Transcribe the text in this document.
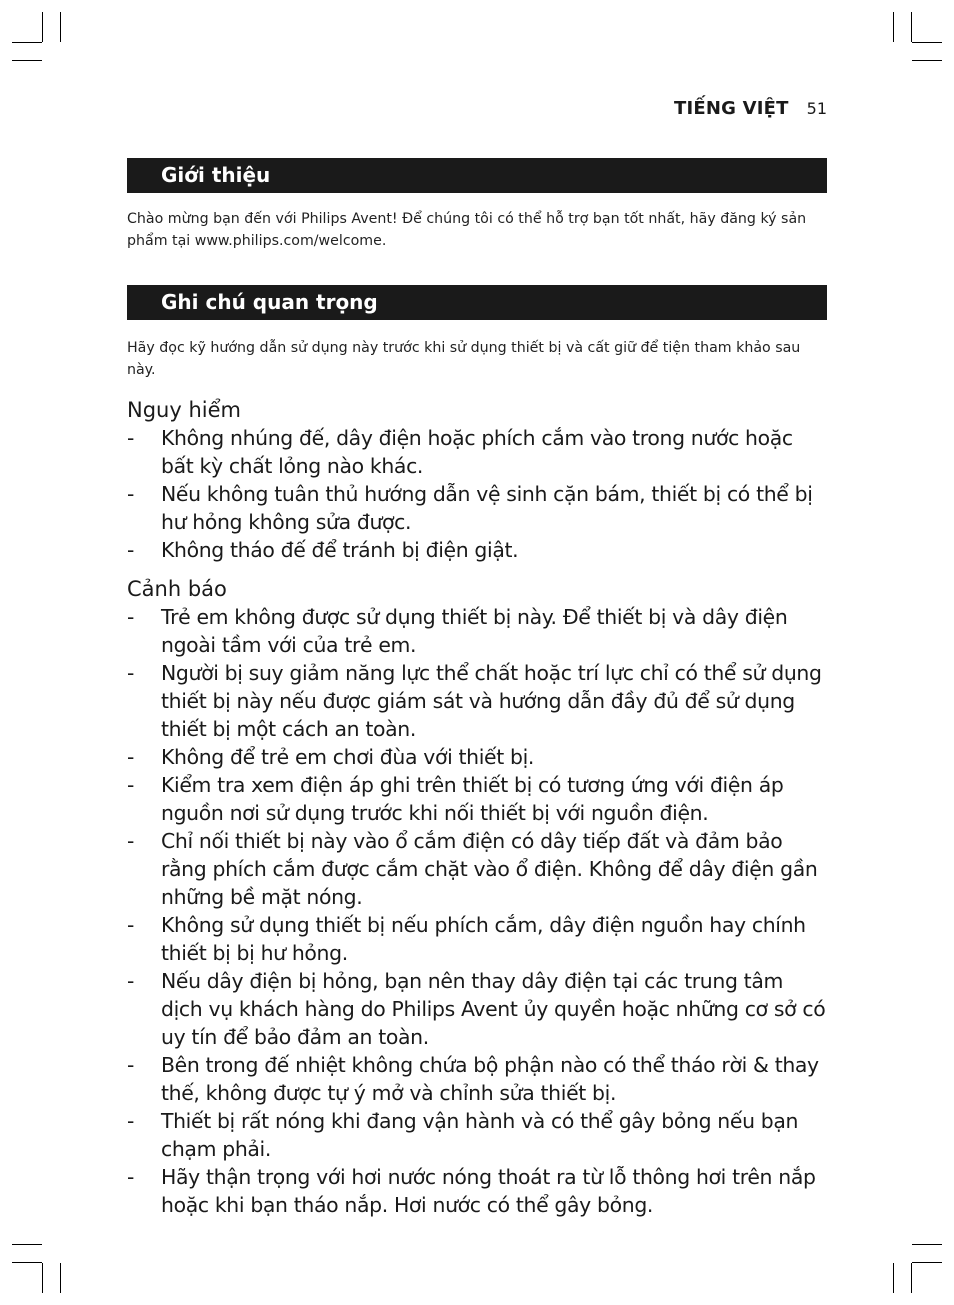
TIẾNG VIỆT 51
Giới thiệu

Chào mừng bạn đến với Philips Avent! Để chúng tôi có thể hỗ trợ bạn tốt nhất, hãy đăng ký sản phẩm tại www.philips.com/welcome.

Ghi chú quan trọng

Hãy đọc kỹ hướng dẫn sử dụng này trước khi sử dụng thiết bị và cất giữ để tiện tham khảo sau này.

Nguy hiểm
- Không nhúng đế, dây điện hoặc phích cắm vào trong nước hoặc bất kỳ chất lỏng nào khác.
- Nếu không tuân thủ hướng dẫn vệ sinh cặn bám, thiết bị có thể bị hư hỏng không sửa được.
- Không tháo đế để tránh bị điện giật.
Cảnh báo
- Trẻ em không được sử dụng thiết bị này. Để thiết bị và dây điện ngoài tầm với của trẻ em.
- Người bị suy giảm năng lực thể chất hoặc trí lực chỉ có thể sử dụng thiết bị này nếu được giám sát và hướng dẫn đầy đủ để sử dụng thiết bị một cách an toàn.
- Không để trẻ em chơi đùa với thiết bị.
- Kiểm tra xem điện áp ghi trên thiết bị có tương ứng với điện áp nguồn nơi sử dụng trước khi nối thiết bị với nguồn điện.
- Chỉ nối thiết bị này vào ổ cắm điện có dây tiếp đất và đảm bảo rằng phích cắm được cắm chặt vào ổ điện. Không để dây điện gần những bề mặt nóng.
- Không sử dụng thiết bị nếu phích cắm, dây điện nguồn hay chính thiết bị bị hư hỏng.
- Nếu dây điện bị hỏng, bạn nên thay dây điện tại các trung tâm dịch vụ khách hàng do Philips Avent ủy quyền hoặc những cơ sở có uy tín để bảo đảm an toàn.
- Bên trong đế nhiệt không chứa bộ phận nào có thể tháo rời & thay thế, không được tự ý mở và chỉnh sửa thiết bị.
- Thiết bị rất nóng khi đang vận hành và có thể gây bỏng nếu bạn chạm phải.
- Hãy thận trọng với hơi nước nóng thoát ra từ lỗ thông hơi trên nắp hoặc khi bạn tháo nắp. Hơi nước có thể gây bỏng.
